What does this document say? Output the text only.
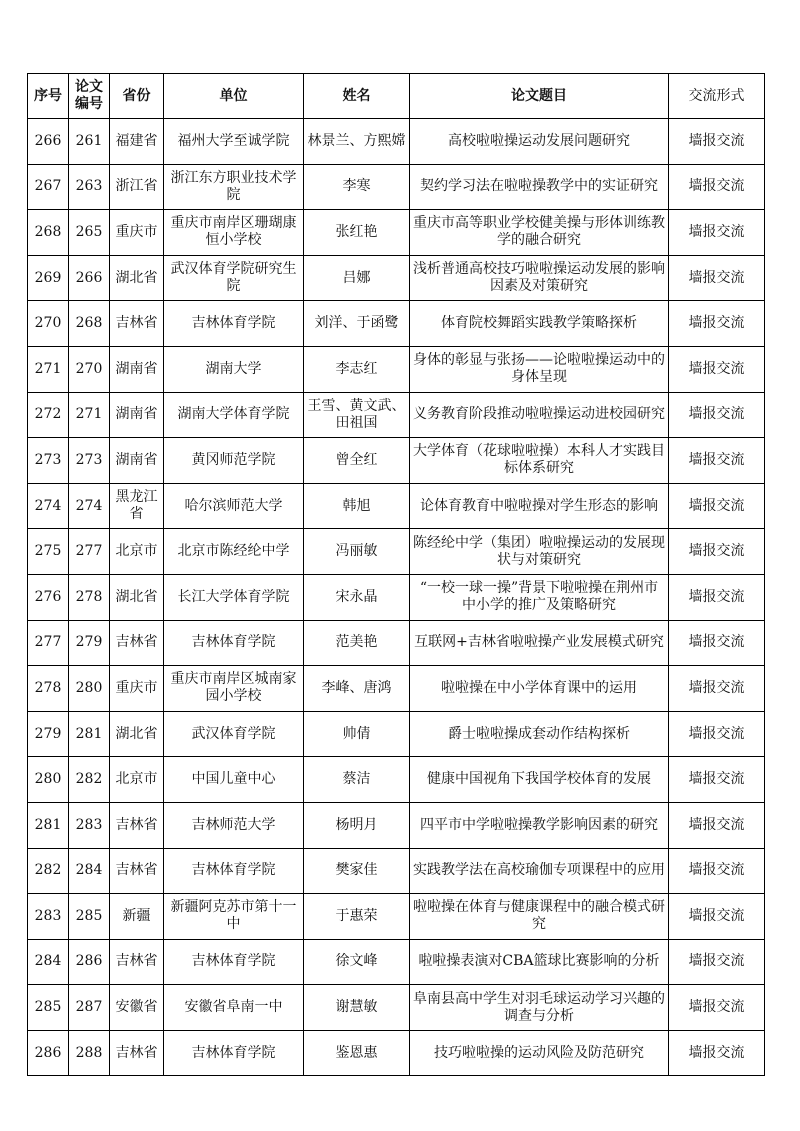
序号	论文编号	省份	单位	姓名	论文题目	交流形式
266	261	福建省	福州大学至诚学院	林景兰、方熙嫦	高校啦啦操运动发展问题研究	墙报交流
267	263	浙江省	浙江东方职业技术学院	李寒	契约学习法在啦啦操教学中的实证研究	墙报交流
268	265	重庆市	重庆市南岸区珊瑚康恒小学校	张红艳	重庆市高等职业学校健美操与形体训练教学的融合研究	墙报交流
269	266	湖北省	武汉体育学院研究生院	吕娜	浅析普通高校技巧啦啦操运动发展的影响因素及对策研究	墙报交流
270	268	吉林省	吉林体育学院	刘洋、于函鹭	体育院校舞蹈实践教学策略探析	墙报交流
271	270	湖南省	湖南大学	李志红	身体的彰显与张扬——论啦啦操运动中的身体呈现	墙报交流
272	271	湖南省	湖南大学体育学院	王雪、黄文武、田祖国	义务教育阶段推动啦啦操运动进校园研究	墙报交流
273	273	湖南省	黄冈师范学院	曾全红	大学体育（花球啦啦操）本科人才实践目标体系研究	墙报交流
274	274	黑龙江省	哈尔滨师范大学	韩旭	论体育教育中啦啦操对学生形态的影响	墙报交流
275	277	北京市	北京市陈经纶中学	冯丽敏	陈经纶中学（集团）啦啦操运动的发展现状与对策研究	墙报交流
276	278	湖北省	长江大学体育学院	宋永晶	“一校一球一操”背景下啦啦操在荆州市中小学的推广及策略研究	墙报交流
277	279	吉林省	吉林体育学院	范美艳	互联网+吉林省啦啦操产业发展模式研究	墙报交流
278	280	重庆市	重庆市南岸区城南家园小学校	李峰、唐鸿	啦啦操在中小学体育课中的运用	墙报交流
279	281	湖北省	武汉体育学院	帅倩	爵士啦啦操成套动作结构探析	墙报交流
280	282	北京市	中国儿童中心	蔡洁	健康中国视角下我国学校体育的发展	墙报交流
281	283	吉林省	吉林师范大学	杨明月	四平市中学啦啦操教学影响因素的研究	墙报交流
282	284	吉林省	吉林体育学院	樊家佳	实践教学法在高校瑜伽专项课程中的应用	墙报交流
283	285	新疆	新疆阿克苏市第十一中	于惠荣	啦啦操在体育与健康课程中的融合模式研究	墙报交流
284	286	吉林省	吉林体育学院	徐文峰	啦啦操表演对CBA篮球比赛影响的分析	墙报交流
285	287	安徽省	安徽省阜南一中	谢慧敏	阜南县高中学生对羽毛球运动学习兴趣的调查与分析	墙报交流
286	288	吉林省	吉林体育学院	鉴恩惠	技巧啦啦操的运动风险及防范研究	墙报交流
